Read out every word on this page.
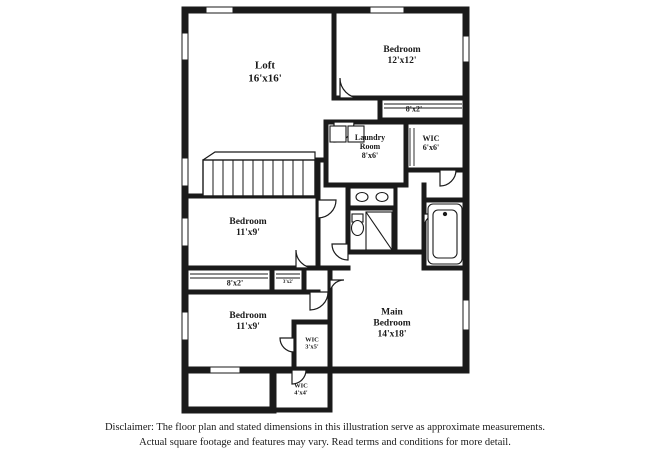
Loft
16'x16'
Bedroom
12'x12'
8'x2'
Laundry
Room
8'x6'
WIC
6'x6'
Bedroom
11'x9'
8'x2'	3'x2'
Bedroom
11'x9'
WIC
3'x5'
Main
Bedroom
14'x18'
WIC
4'x4'
Disclaimer: The floor plan and stated dimensions in this illustration serve as approximate measurements.
Actual square footage and features may vary. Read terms and conditions for more detail.
